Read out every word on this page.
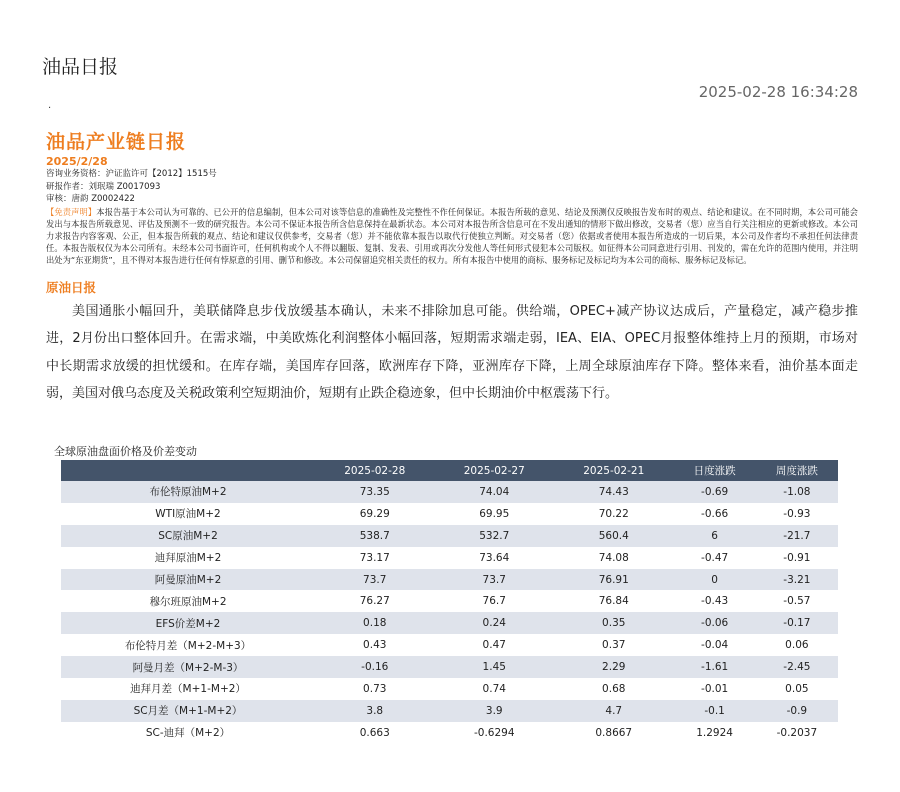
油品日报
2025-02-28 16:34:28
.
油品产业链日报
2025/2/28
咨询业务资格：沪证监许可【2012】1515号
研报作者：刘珉瑞 Z0017093
审核：唐韵 Z0002422
【免责声明】本报告基于本公司认为可靠的、已公开的信息编制，但本公司对该等信息的准确性及完整性不作任何保证。本报告所载的意见、结论及预测仅反映报告发布时的观点、结论和建议。在不同时期，本公司可能会发出与本报告所载意见、评估及预测不一致的研究报告。本公司不保证本报告所含信息保持在最新状态。本公司对本报告所含信息可在不发出通知的情形下做出修改，交易者（您）应当自行关注相应的更新或修改。本公司力求报告内容客观、公正，但本报告所载的观点、结论和建议仅供参考，交易者（您）并不能依靠本报告以取代行使独立判断。对交易者（您）依据或者使用本报告所造成的一切后果，本公司及作者均不承担任何法律责任。本报告版权仅为本公司所有。未经本公司书面许可，任何机构或个人不得以翻版、复制、发表、引用或再次分发他人等任何形式侵犯本公司版权。如征得本公司同意进行引用、刊发的，需在允许的范围内使用，并注明出处为“东亚期货”，且不得对本报告进行任何有悖原意的引用、删节和修改。本公司保留追究相关责任的权力。所有本报告中使用的商标、服务标记及标记均为本公司的商标、服务标记及标记。
原油日报
美国通胀小幅回升，美联储降息步伐放缓基本确认，未来不排除加息可能。供给端，OPEC+减产协议达成后，产量稳定，减产稳步推进，2月份出口整体回升。在需求端，中美欧炼化利润整体小幅回落，短期需求端走弱，IEA、EIA、OPEC月报整体维持上月的预期，市场对中长期需求放缓的担忧缓和。在库存端，美国库存回落，欧洲库存下降，亚洲库存下降，上周全球原油库存下降。整体来看，油价基本面走弱，美国对俄乌态度及关税政策利空短期油价，短期有止跌企稳迹象，但中长期油价中枢震荡下行。
全球原油盘面价格及价差变动
	2025-02-28	2025-02-27	2025-02-21	日度涨跌	周度涨跌
布伦特原油M+2	73.35	74.04	74.43	-0.69	-1.08
WTI原油M+2	69.29	69.95	70.22	-0.66	-0.93
SC原油M+2	538.7	532.7	560.4	6	-21.7
迪拜原油M+2	73.17	73.64	74.08	-0.47	-0.91
阿曼原油M+2	73.7	73.7	76.91	0	-3.21
穆尔班原油M+2	76.27	76.7	76.84	-0.43	-0.57
EFS价差M+2	0.18	0.24	0.35	-0.06	-0.17
布伦特月差（M+2-M+3）	0.43	0.47	0.37	-0.04	0.06
阿曼月差（M+2-M-3）	-0.16	1.45	2.29	-1.61	-2.45
迪拜月差（M+1-M+2）	0.73	0.74	0.68	-0.01	0.05
SC月差（M+1-M+2）	3.8	3.9	4.7	-0.1	-0.9
SC-迪拜（M+2）	0.663	-0.6294	0.8667	1.2924	-0.2037
